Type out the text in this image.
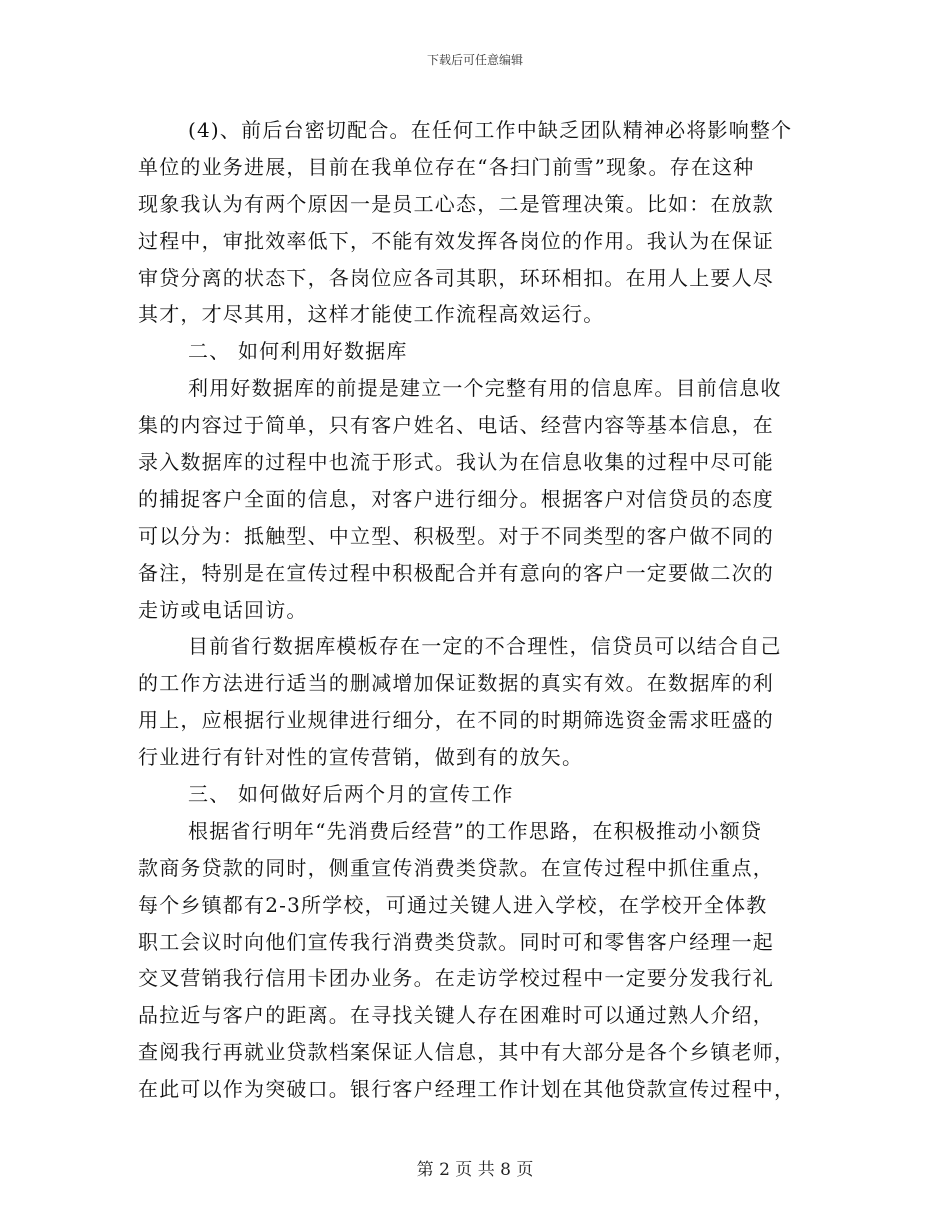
下载后可任意编辑
(4)、前后台密切配合。在任何工作中缺乏团队精神必将影响整个
单位的业务进展，目前在我单位存在“各扫门前雪”现象。存在这种
现象我认为有两个原因一是员工心态，二是管理决策。比如：在放款
过程中，审批效率低下，不能有效发挥各岗位的作用。我认为在保证
审贷分离的状态下，各岗位应各司其职，环环相扣。在用人上要人尽
其才，才尽其用，这样才能使工作流程高效运行。
二、 如何利用好数据库
利用好数据库的前提是建立一个完整有用的信息库。目前信息收
集的内容过于简单，只有客户姓名、电话、经营内容等基本信息，在
录入数据库的过程中也流于形式。我认为在信息收集的过程中尽可能
的捕捉客户全面的信息，对客户进行细分。根据客户对信贷员的态度
可以分为：抵触型、中立型、积极型。对于不同类型的客户做不同的
备注，特别是在宣传过程中积极配合并有意向的客户一定要做二次的
走访或电话回访。
目前省行数据库模板存在一定的不合理性，信贷员可以结合自己
的工作方法进行适当的删减增加保证数据的真实有效。在数据库的利
用上，应根据行业规律进行细分，在不同的时期筛选资金需求旺盛的
行业进行有针对性的宣传营销，做到有的放矢。
三、 如何做好后两个月的宣传工作
根据省行明年“先消费后经营”的工作思路，在积极推动小额贷
款商务贷款的同时，侧重宣传消费类贷款。在宣传过程中抓住重点，
每个乡镇都有2-3所学校，可通过关键人进入学校，在学校开全体教
职工会议时向他们宣传我行消费类贷款。同时可和零售客户经理一起
交叉营销我行信用卡团办业务。在走访学校过程中一定要分发我行礼
品拉近与客户的距离。在寻找关键人存在困难时可以通过熟人介绍，
查阅我行再就业贷款档案保证人信息，其中有大部分是各个乡镇老师，
在此可以作为突破口。银行客户经理工作计划在其他贷款宣传过程中，
第 2 页 共 8 页
